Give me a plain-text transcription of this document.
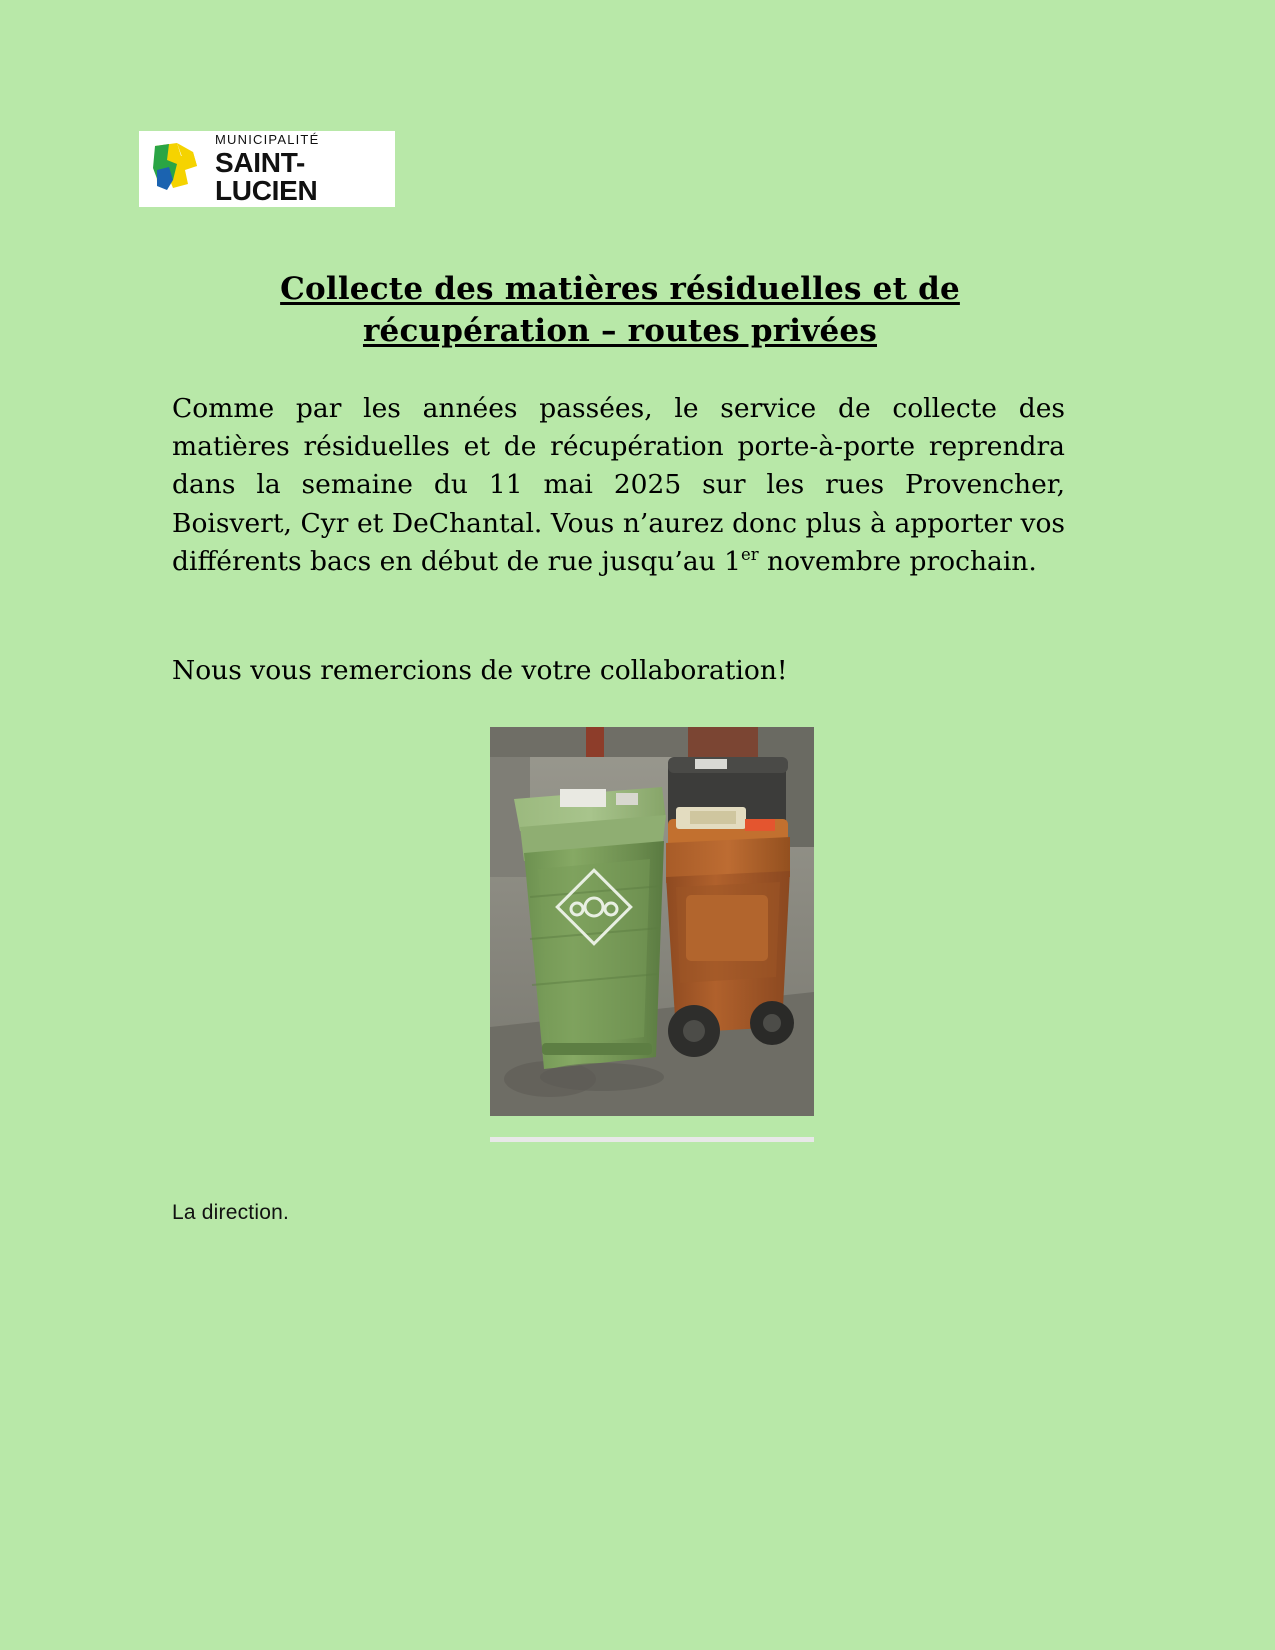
MUNICIPALITÉ
SAINT-LUCIEN
Collecte des matières résiduelles et de récupération – routes privées

Comme par les années passées, le service de collecte des matières résiduelles et de récupération porte-à-porte reprendra dans la semaine du 11 mai 2025 sur les rues Provencher, Boisvert, Cyr et DeChantal. Vous n’aurez donc plus à apporter vos différents bacs en début de rue jusqu’au 1er novembre prochain.

Nous vous remercions de votre collaboration!

La direction.
